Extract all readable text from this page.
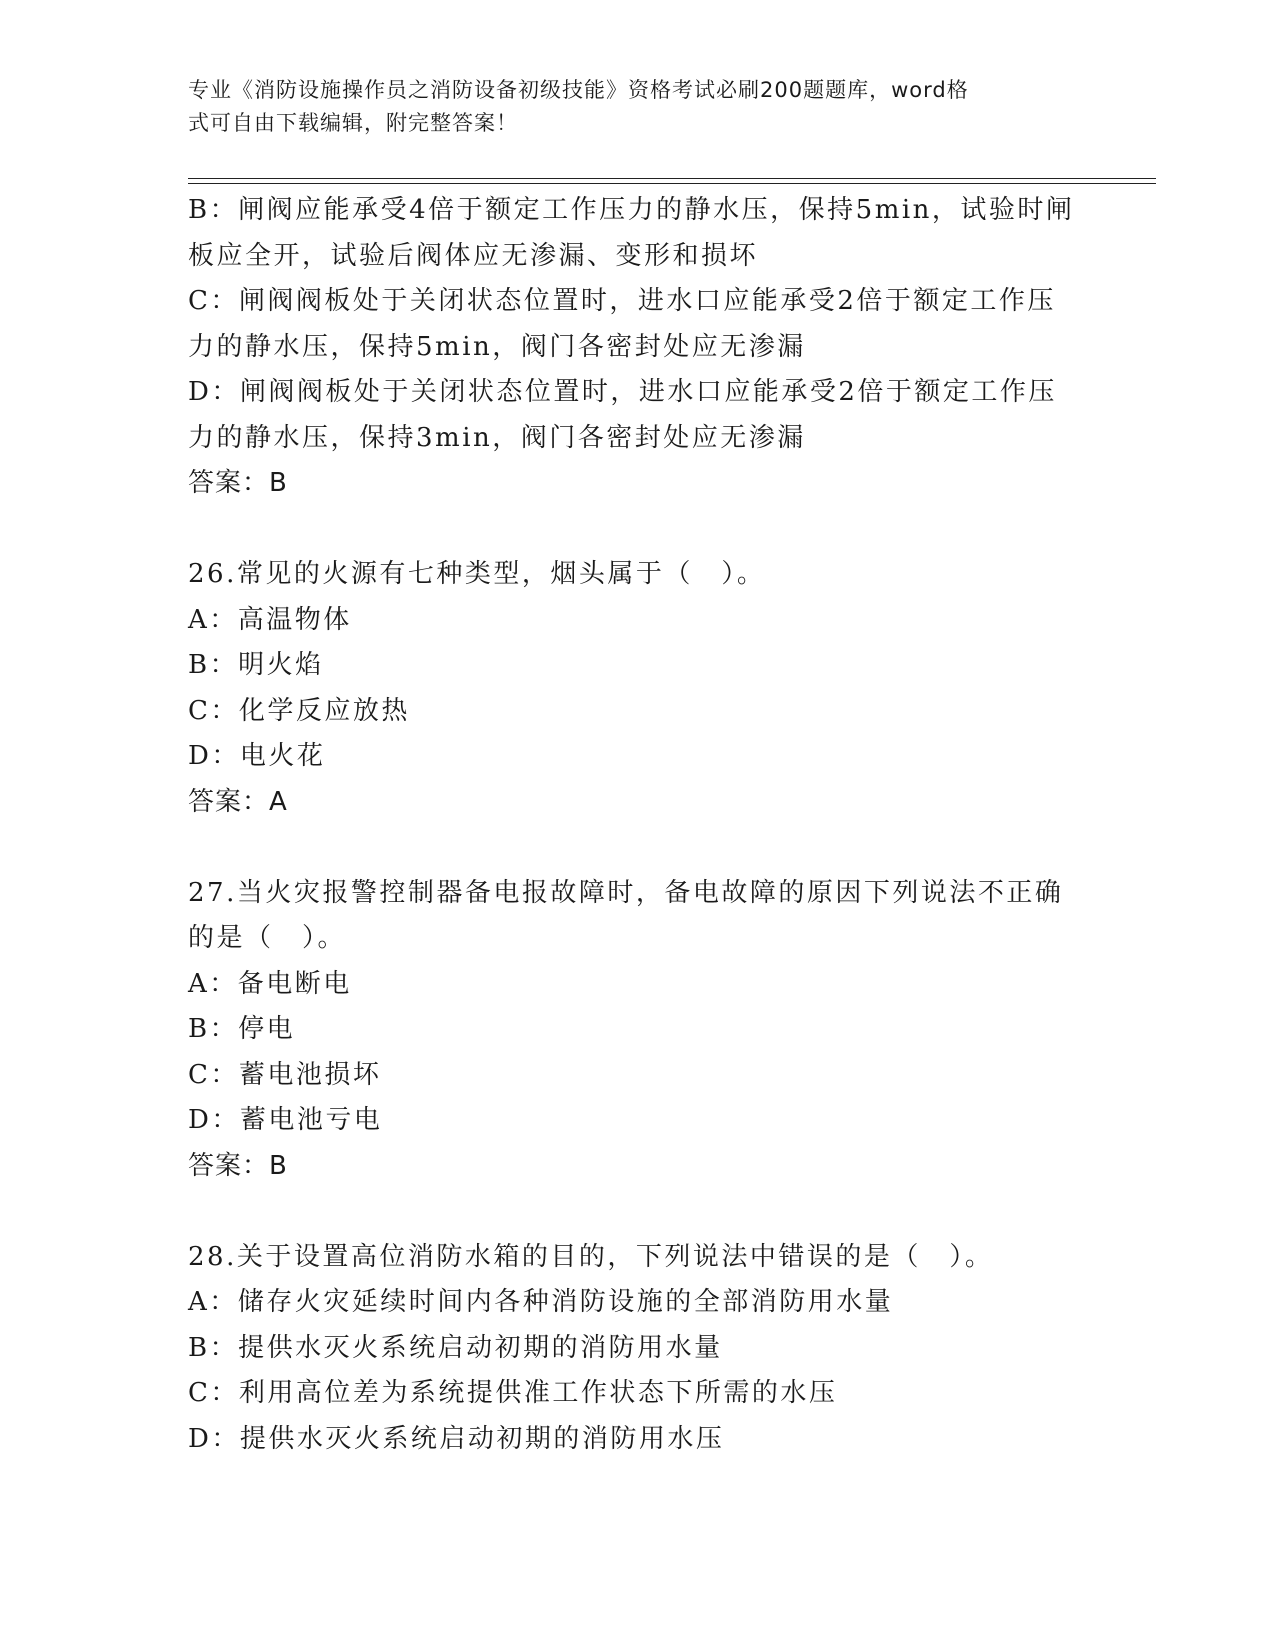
专业《消防设施操作员之消防设备初级技能》资格考试必刷200题题库，word格
式可自由下载编辑，附完整答案！
B：闸阀应能承受4倍于额定工作压力的静水压，保持5min，试验时闸
板应全开，试验后阀体应无渗漏、变形和损坏
C：闸阀阀板处于关闭状态位置时，进水口应能承受2倍于额定工作压
力的静水压，保持5min，阀门各密封处应无渗漏
D：闸阀阀板处于关闭状态位置时，进水口应能承受2倍于额定工作压
力的静水压，保持3min，阀门各密封处应无渗漏
答案：B
26.常见的火源有七种类型，烟头属于（　）。
A：高温物体
B：明火焰
C：化学反应放热
D：电火花
答案：A
27.当火灾报警控制器备电报故障时，备电故障的原因下列说法不正确
的是（　）。
A：备电断电
B：停电
C：蓄电池损坏
D：蓄电池亏电
答案：B
28.关于设置高位消防水箱的目的，下列说法中错误的是（　）。
A：储存火灾延续时间内各种消防设施的全部消防用水量
B：提供水灭火系统启动初期的消防用水量
C：利用高位差为系统提供准工作状态下所需的水压
D：提供水灭火系统启动初期的消防用水压
